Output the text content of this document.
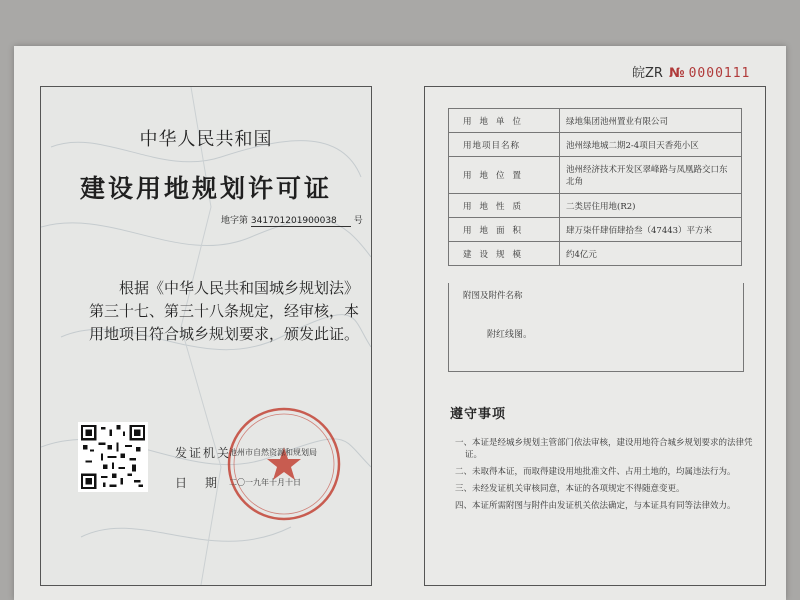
皖ZR № 0000111
中华人民共和国
建设用地规划许可证
地字第 341701201900038 号
根据《中华人民共和国城乡规划法》第三十七、第三十八条规定，经审核，本用地项目符合城乡规划要求，颁发此证。
发证机关
池州市自然资源和规划局
日期
二〇一九年十月十日
用地单位	绿地集团池州置业有限公司
用地项目名称	池州绿地城二期2-4项目天香苑小区
用地位置	池州经济技术开发区翠峰路与凤凰路交口东北角
用地性质	二类居住用地(R2)
用地面积	肆万柒仟肆佰肆拾叁（47443）平方米
建设规模	约4亿元
附图及附件名称
附红线图。
遵守事项
一、本证是经城乡规划主管部门依法审核，建设用地符合城乡规划要求的法律凭证。
二、未取得本证，而取得建设用地批准文件、占用土地的，均属违法行为。
三、未经发证机关审核同意，本证的各项规定不得随意变更。
四、本证所需附图与附件由发证机关依法确定，与本证具有同等法律效力。
